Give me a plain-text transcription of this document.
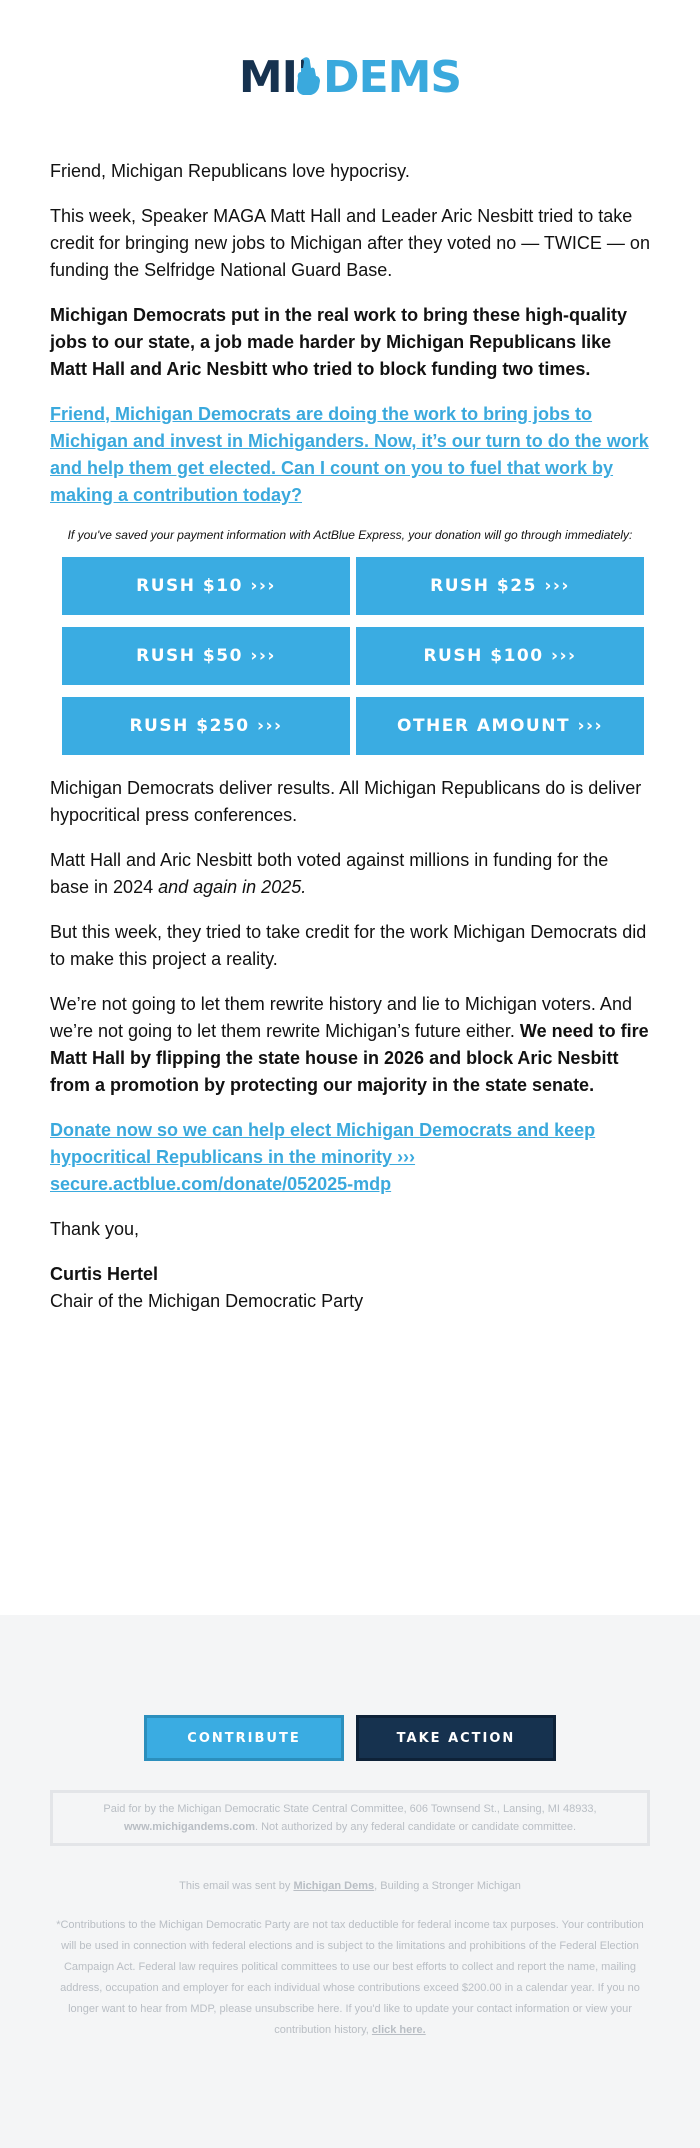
MI DEMS

Friend, Michigan Republicans love hypocrisy.

This week, Speaker MAGA Matt Hall and Leader Aric Nesbitt tried to take credit for bringing new jobs to Michigan after they voted no — TWICE — on funding the Selfridge National Guard Base.

Michigan Democrats put in the real work to bring these high-quality jobs to our state, a job made harder by Michigan Republicans like Matt Hall and Aric Nesbitt who tried to block funding two times.

Friend, Michigan Democrats are doing the work to bring jobs to Michigan and invest in Michiganders. Now, it’s our turn to do the work and help them get elected. Can I count on you to fuel that work by making a contribution today?

If you've saved your payment information with ActBlue Express, your donation will go through immediately:

RUSH $10 ›››	RUSH $25 ›››
RUSH $50 ›››	RUSH $100 ›››
RUSH $250 ›››	OTHER AMOUNT ›››

Michigan Democrats deliver results. All Michigan Republicans do is deliver hypocritical press conferences.

Matt Hall and Aric Nesbitt both voted against millions in funding for the base in 2024 and again in 2025.

But this week, they tried to take credit for the work Michigan Democrats did to make this project a reality.

We’re not going to let them rewrite history and lie to Michigan voters. And we’re not going to let them rewrite Michigan’s future either. We need to fire Matt Hall by flipping the state house in 2026 and block Aric Nesbitt from a promotion by protecting our majority in the state senate.

Donate now so we can help elect Michigan Democrats and keep hypocritical Republicans in the minority ›››
secure.actblue.com/donate/052025-mdp

Thank you,

Curtis Hertel
Chair of the Michigan Democratic Party
CONTRIBUTE	TAKE ACTION
Paid for by the Michigan Democratic State Central Committee, 606 Townsend St., Lansing, MI 48933,
www.michigandems.com. Not authorized by any federal candidate or candidate committee.
This email was sent by Michigan Dems, Building a Stronger Michigan
*Contributions to the Michigan Democratic Party are not tax deductible for federal income tax purposes. Your contribution will be used in connection with federal elections and is subject to the limitations and prohibitions of the Federal Election Campaign Act. Federal law requires political committees to use our best efforts to collect and report the name, mailing address, occupation and employer for each individual whose contributions exceed $200.00 in a calendar year. If you no longer want to hear from MDP, please unsubscribe here. If you'd like to update your contact information or view your contribution history, click here.
